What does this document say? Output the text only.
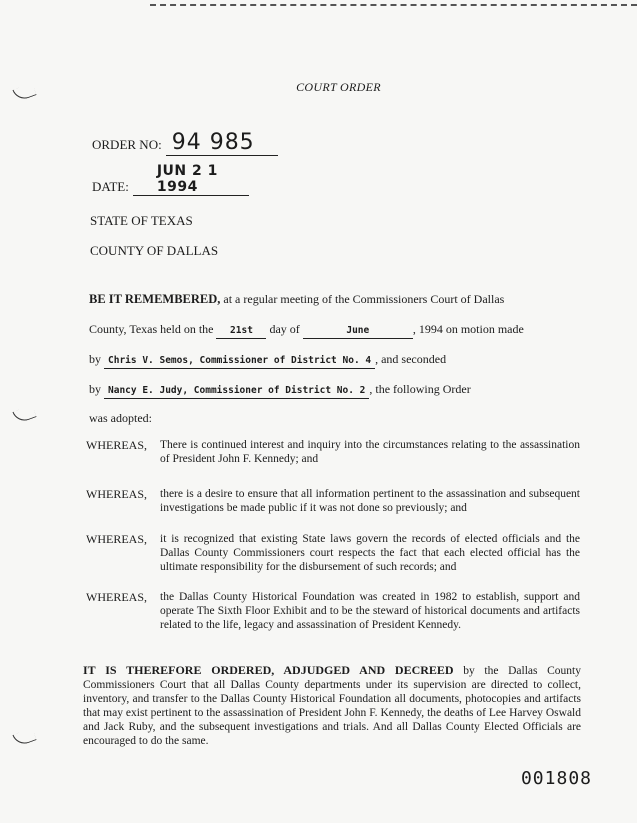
COURT ORDER
ORDER NO: 94 985
DATE: JUN 2 1 1994
STATE OF TEXAS
COUNTY OF DALLAS
BE IT REMEMBERED, at a regular meeting of the Commissioners Court of Dallas
County, Texas held on the 21st day of	June	, 1994 on motion made
by Chris V. Semos, Commissioner of District No. 4 , and seconded
by Nancy E. Judy, Commissioner of District No. 2 , the following Order
was adopted:
WHEREAS, There is continued interest and inquiry into the circumstances relating to the assassination of President John F. Kennedy; and
WHEREAS, there is a desire to ensure that all information pertinent to the assassination and subsequent investigations be made public if it was not done so previously; and
WHEREAS, it is recognized that existing State laws govern the records of elected officials and the Dallas County Commissioners court respects the fact that each elected official has the ultimate responsibility for the disbursement of such records; and
WHEREAS, the Dallas County Historical Foundation was created in 1982 to establish, support and operate The Sixth Floor Exhibit and to be the steward of historical documents and artifacts related to the life, legacy and assassination of President Kennedy.
IT IS THEREFORE ORDERED, ADJUDGED AND DECREED by the Dallas County Commissioners Court that all Dallas County departments under its supervision are directed to collect, inventory, and transfer to the Dallas County Historical Foundation all documents, photocopies and artifacts that may exist pertinent to the assassination of President John F. Kennedy, the deaths of Lee Harvey Oswald and Jack Ruby, and the subsequent investigations and trials. And all Dallas County Elected Officials are encouraged to do the same.
001808
